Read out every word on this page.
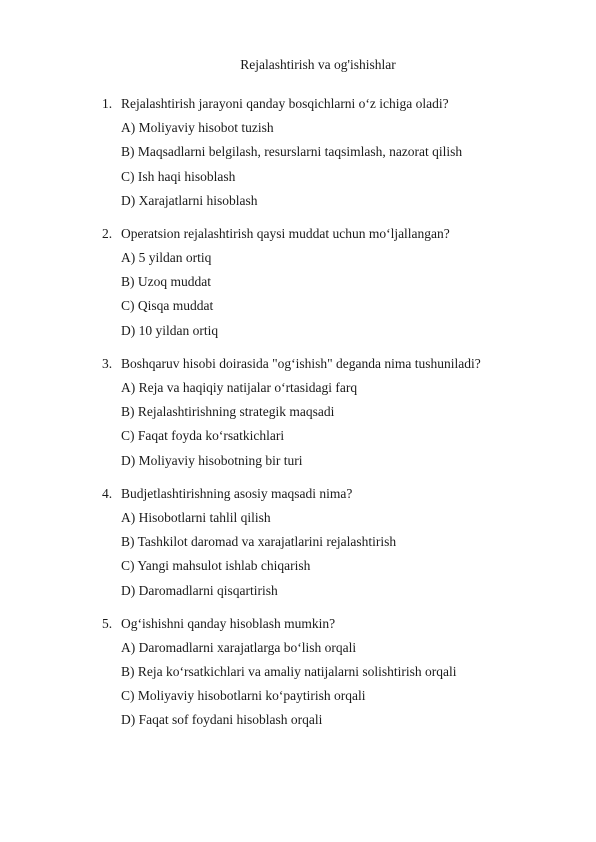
Rejalashtirish va og'ishishlar
1. Rejalashtirish jarayoni qanday bosqichlarni o‘z ichiga oladi?
A) Moliyaviy hisobot tuzish
B) Maqsadlarni belgilash, resurslarni taqsimlash, nazorat qilish
C) Ish haqi hisoblash
D) Xarajatlarni hisoblash
2. Operatsion rejalashtirish qaysi muddat uchun mo‘ljallangan?
A) 5 yildan ortiq
B) Uzoq muddat
C) Qisqa muddat
D) 10 yildan ortiq
3. Boshqaruv hisobi doirasida "og‘ishish" deganda nima tushuniladi?
A) Reja va haqiqiy natijalar o‘rtasidagi farq
B) Rejalashtirishning strategik maqsadi
C) Faqat foyda ko‘rsatkichlari
D) Moliyaviy hisobotning bir turi
4. Budjetlashtirishning asosiy maqsadi nima?
A) Hisobotlarni tahlil qilish
B) Tashkilot daromad va xarajatlarini rejalashtirish
C) Yangi mahsulot ishlab chiqarish
D) Daromadlarni qisqartirish
5. Og‘ishishni qanday hisoblash mumkin?
A) Daromadlarni xarajatlarga bo‘lish orqali
B) Reja ko‘rsatkichlari va amaliy natijalarni solishtirish orqali
C) Moliyaviy hisobotlarni ko‘paytirish orqali
D) Faqat sof foydani hisoblash orqali
